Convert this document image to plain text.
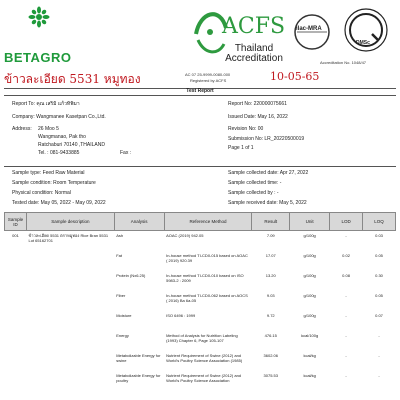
BETAGRO
ACFS
Thailand
Accreditation
ilac-MRA
DMSc
Accreditation No. 1048/47
AC 07 25-9999-0080-000
Registered by ACFS
ข้าวละเอียด 5531 หมูทอง	10-05-65
Test Report
Report To: คุณ เสริมิ แก้วทิพิมา
Company: Wangmanee Kasetpan Co.,Ltd.
Address: 26 Moo 5
Wangmanao, Pak tho
Ratchaburi 70140 ,THAILAND
Tel. : 081-9433885	Fax :
Report No: 220000075661
Issued Date: May 16, 2022
Revision No: 00
Submission No: LR_20220500019
Page 1 of 1
Sample type: Feed Raw Material
Sample condition: Room Temperature
Physical condition: Normal
Tested date: May 05, 2022 - May 09, 2022
Sample collected date: Apr 27, 2022
Sample collected time: -
Sample collected by : -
Sample received date: May 5, 2022
Sample ID	Sample description	Analysis	Reference Method	Result	Unit	LOD	LOQ
001	ข้าวละเอียด 5531 ตราหมูทอง Rice Bran 5531 Lot 65162701	Ash	AOAC (2019) 942.05	7.09	g/100g	-	0.03
		Fat	In-house method TI-CD0-015 based on AOAC ( 2019) 920.39	17.07	g/100g	0.02	0.05
		Protein (Nx6.25)	In-house method TI-CD0-010 based on ISO 5983-2 : 2009	13.20	g/100g	0.08	0.30
		Fiber	In-house method TI-CD0-062 based on AOCS ( 2016) Ba 6a-05	9.03	g/100g	-	0.05
		Moisture	ISO 6496 : 1999	9.72	g/100g	-	0.07
		Energy	Method of Analysis for Nutrition Labeling (1993) Chapter 6, Page 105-107	476.15	kcal/100g	-	-
		Metabolizable Energy for swine	Nutrient Requirement of Swine (2012) and World's Poultry Science Association (1985)	3602.06	kcal/kg	-	-
		Metabolizable Energy for poultry	Nutrient Requirement of Swine (2012) and World's Poultry Science Association	3075.53	kcal/kg	-	-
